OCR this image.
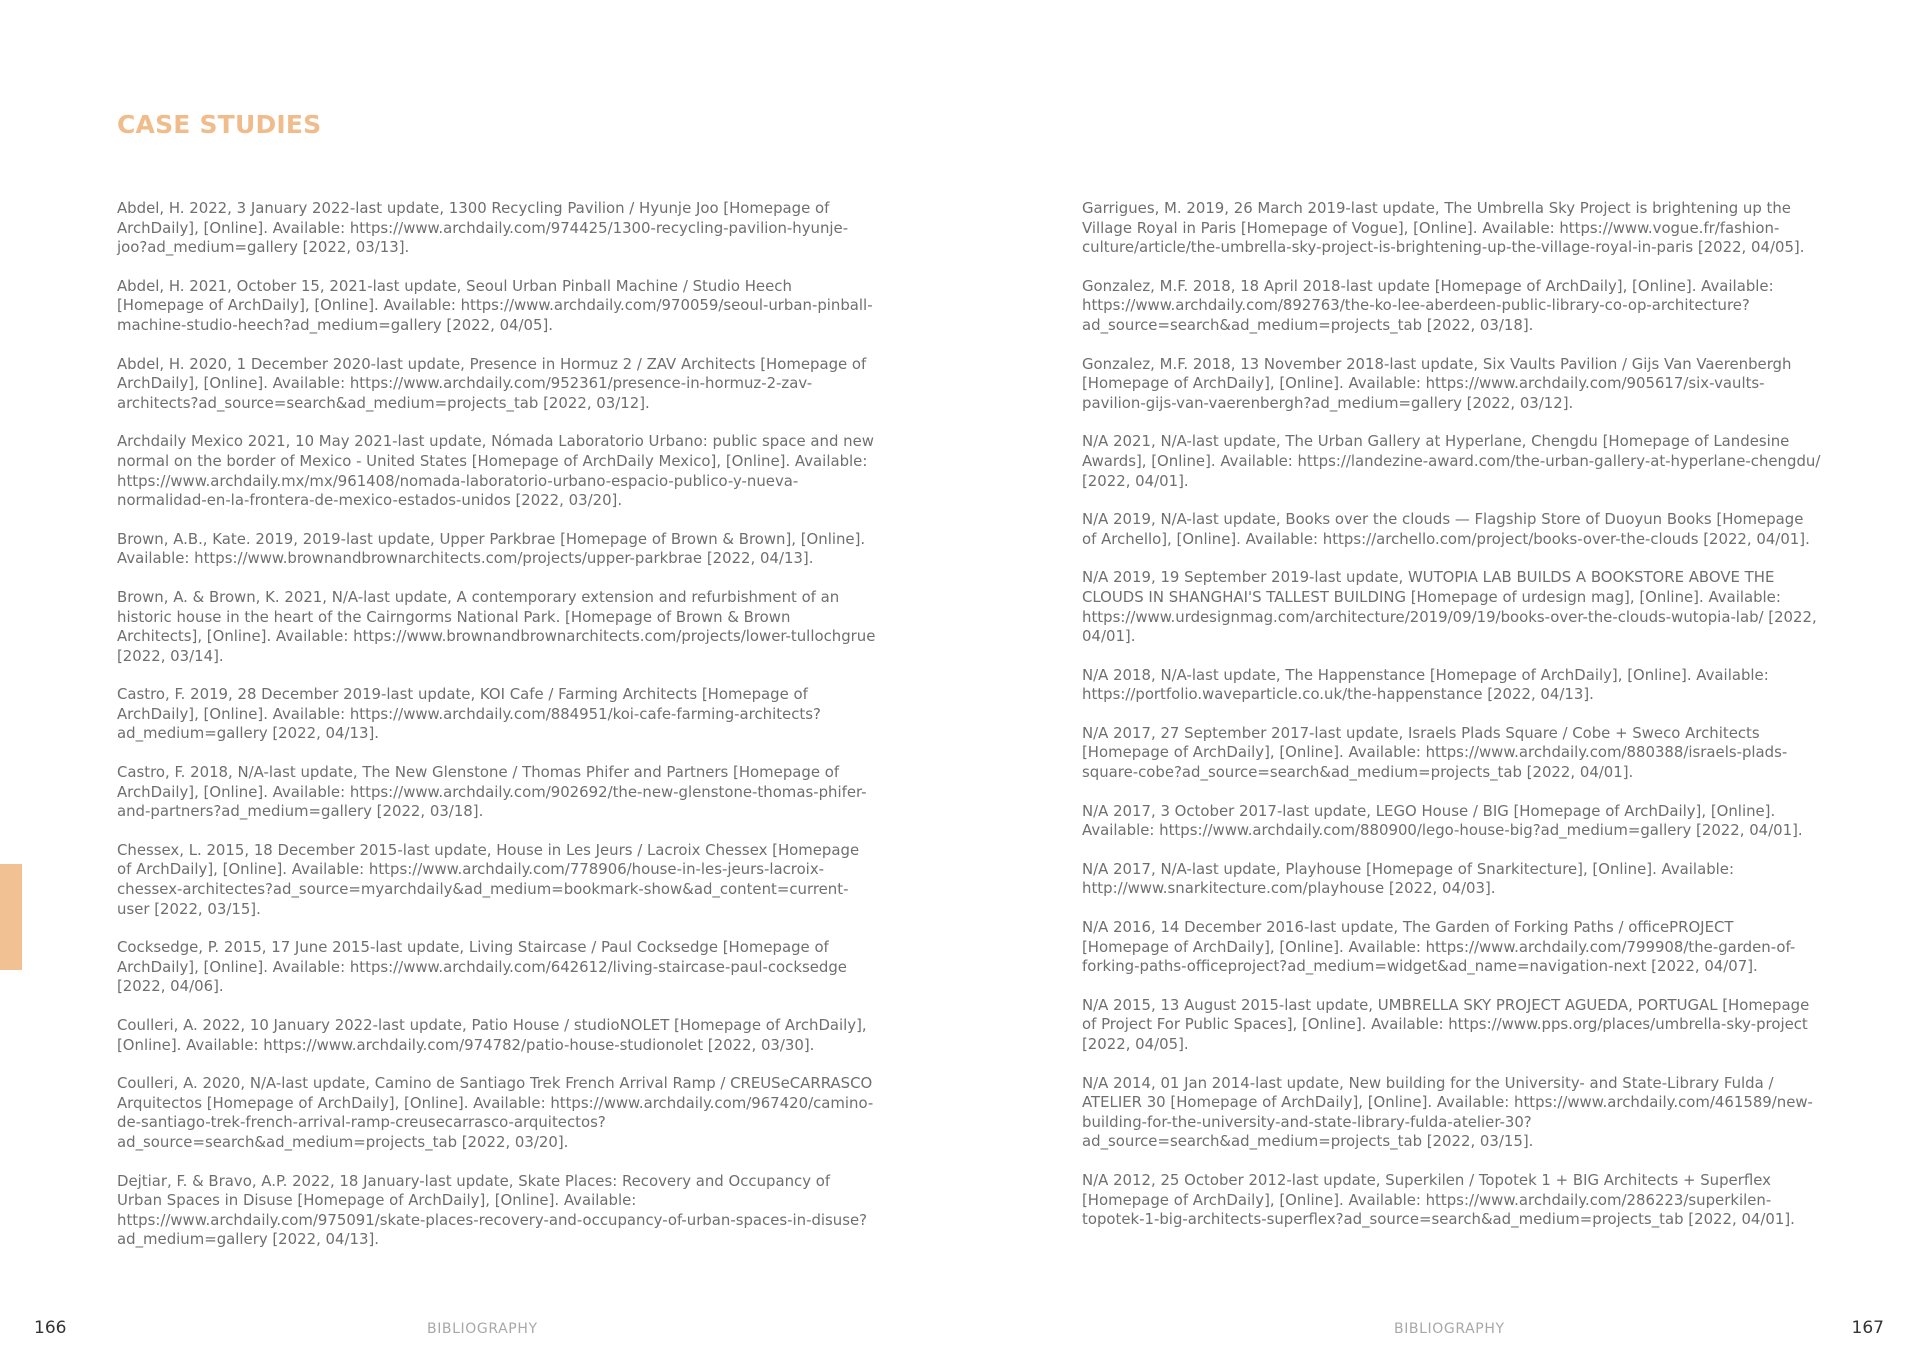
CASE STUDIES

Abdel, H. 2022, 3 January 2022-last update, 1300 Recycling Pavilion / Hyunje Joo [Homepage of ArchDaily], [Online]. Available: https://www.archdaily.com/974425/1300-recycling-pavilion-hyunje-joo?ad_medium=gallery [2022, 03/13].

Abdel, H. 2021, October 15, 2021-last update, Seoul Urban Pinball Machine / Studio Heech [Homepage of ArchDaily], [Online]. Available: https://www.archdaily.com/970059/seoul-urban-pinball-machine-studio-heech?ad_medium=gallery [2022, 04/05].

Abdel, H. 2020, 1 December 2020-last update, Presence in Hormuz 2 / ZAV Architects [Homepage of ArchDaily], [Online]. Available: https://www.archdaily.com/952361/presence-in-hormuz-2-zav-architects?ad_source=search&ad_medium=projects_tab [2022, 03/12].

Archdaily Mexico 2021, 10 May 2021-last update, Nómada Laboratorio Urbano: public space and new normal on the border of Mexico - United States [Homepage of ArchDaily Mexico], [Online]. Available: https://www.archdaily.mx/mx/961408/nomada-laboratorio-urbano-espacio-publico-y-nueva-normalidad-en-la-frontera-de-mexico-estados-unidos [2022, 03/20].

Brown, A.B., Kate. 2019, 2019-last update, Upper Parkbrae [Homepage of Brown & Brown], [Online]. Available: https://www.brownandbrownarchitects.com/projects/upper-parkbrae [2022, 04/13].

Brown, A. & Brown, K. 2021, N/A-last update, A contemporary extension and refurbishment of an historic house in the heart of the Cairngorms National Park. [Homepage of Brown & Brown Architects], [Online]. Available: https://www.brownandbrownarchitects.com/projects/lower-tullochgrue [2022, 03/14].

Castro, F. 2019, 28 December 2019-last update, KOI Cafe / Farming Architects [Homepage of ArchDaily], [Online]. Available: https://www.archdaily.com/884951/koi-cafe-farming-architects?ad_medium=gallery [2022, 04/13].

Castro, F. 2018, N/A-last update, The New Glenstone / Thomas Phifer and Partners [Homepage of ArchDaily], [Online]. Available: https://www.archdaily.com/902692/the-new-glenstone-thomas-phifer-and-partners?ad_medium=gallery [2022, 03/18].

Chessex, L. 2015, 18 December 2015-last update, House in Les Jeurs / Lacroix Chessex [Homepage of ArchDaily], [Online]. Available: https://www.archdaily.com/778906/house-in-les-jeurs-lacroix-chessex-architectes?ad_source=myarchdaily&ad_medium=bookmark-show&ad_content=current-user [2022, 03/15].

Cocksedge, P. 2015, 17 June 2015-last update, Living Staircase / Paul Cocksedge [Homepage of ArchDaily], [Online]. Available: https://www.archdaily.com/642612/living-staircase-paul-cocksedge [2022, 04/06].

Coulleri, A. 2022, 10 January 2022-last update, Patio House / studioNOLET [Homepage of ArchDaily], [Online]. Available: https://www.archdaily.com/974782/patio-house-studionolet [2022, 03/30].

Coulleri, A. 2020, N/A-last update, Camino de Santiago Trek French Arrival Ramp / CREUSeCARRASCO Arquitectos [Homepage of ArchDaily], [Online]. Available: https://www.archdaily.com/967420/camino-de-santiago-trek-french-arrival-ramp-creusecarrasco-arquitectos?ad_source=search&ad_medium=projects_tab [2022, 03/20].

Dejtiar, F. & Bravo, A.P. 2022, 18 January-last update, Skate Places: Recovery and Occupancy of Urban Spaces in Disuse [Homepage of ArchDaily], [Online]. Available: https://www.archdaily.com/975091/skate-places-recovery-and-occupancy-of-urban-spaces-in-disuse?ad_medium=gallery [2022, 04/13].

Garrigues, M. 2019, 26 March 2019-last update, The Umbrella Sky Project is brightening up the Village Royal in Paris [Homepage of Vogue], [Online]. Available: https://www.vogue.fr/fashion-culture/article/the-umbrella-sky-project-is-brightening-up-the-village-royal-in-paris [2022, 04/05].

Gonzalez, M.F. 2018, 18 April 2018-last update [Homepage of ArchDaily], [Online]. Available: https://www.archdaily.com/892763/the-ko-lee-aberdeen-public-library-co-op-architecture?ad_source=search&ad_medium=projects_tab [2022, 03/18].

Gonzalez, M.F. 2018, 13 November 2018-last update, Six Vaults Pavilion / Gijs Van Vaerenbergh [Homepage of ArchDaily], [Online]. Available: https://www.archdaily.com/905617/six-vaults-pavilion-gijs-van-vaerenbergh?ad_medium=gallery [2022, 03/12].

N/A 2021, N/A-last update, The Urban Gallery at Hyperlane, Chengdu [Homepage of Landesine Awards], [Online]. Available: https://landezine-award.com/the-urban-gallery-at-hyperlane-chengdu/ [2022, 04/01].

N/A 2019, N/A-last update, Books over the clouds — Flagship Store of Duoyun Books [Homepage of Archello], [Online]. Available: https://archello.com/project/books-over-the-clouds [2022, 04/01].

N/A 2019, 19 September 2019-last update, WUTOPIA LAB BUILDS A BOOKSTORE ABOVE THE CLOUDS IN SHANGHAI'S TALLEST BUILDING [Homepage of urdesign mag], [Online]. Available: https://www.urdesignmag.com/architecture/2019/09/19/books-over-the-clouds-wutopia-lab/ [2022, 04/01].

N/A 2018, N/A-last update, The Happenstance [Homepage of ArchDaily], [Online]. Available: https://portfolio.waveparticle.co.uk/the-happenstance [2022, 04/13].

N/A 2017, 27 September 2017-last update, Israels Plads Square / Cobe + Sweco Architects [Homepage of ArchDaily], [Online]. Available: https://www.archdaily.com/880388/israels-plads-square-cobe?ad_source=search&ad_medium=projects_tab [2022, 04/01].

N/A 2017, 3 October 2017-last update, LEGO House / BIG [Homepage of ArchDaily], [Online]. Available: https://www.archdaily.com/880900/lego-house-big?ad_medium=gallery [2022, 04/01].

N/A 2017, N/A-last update, Playhouse [Homepage of Snarkitecture], [Online]. Available: http://www.snarkitecture.com/playhouse [2022, 04/03].

N/A 2016, 14 December 2016-last update, The Garden of Forking Paths / officePROJECT [Homepage of ArchDaily], [Online]. Available: https://www.archdaily.com/799908/the-garden-of-forking-paths-officeproject?ad_medium=widget&ad_name=navigation-next [2022, 04/07].

N/A 2015, 13 August 2015-last update, UMBRELLA SKY PROJECT AGUEDA, PORTUGAL [Homepage of Project For Public Spaces], [Online]. Available: https://www.pps.org/places/umbrella-sky-project [2022, 04/05].

N/A 2014, 01 Jan 2014-last update, New building for the University- and State-Library Fulda / ATELIER 30 [Homepage of ArchDaily], [Online]. Available: https://www.archdaily.com/461589/new-building-for-the-university-and-state-library-fulda-atelier-30?ad_source=search&ad_medium=projects_tab [2022, 03/15].

N/A 2012, 25 October 2012-last update, Superkilen / Topotek 1 + BIG Architects + Superflex [Homepage of ArchDaily], [Online]. Available: https://www.archdaily.com/286223/superkilen-topotek-1-big-architects-superflex?ad_source=search&ad_medium=projects_tab [2022, 04/01].

166	BIBLIOGRAPHY	BIBLIOGRAPHY	167
